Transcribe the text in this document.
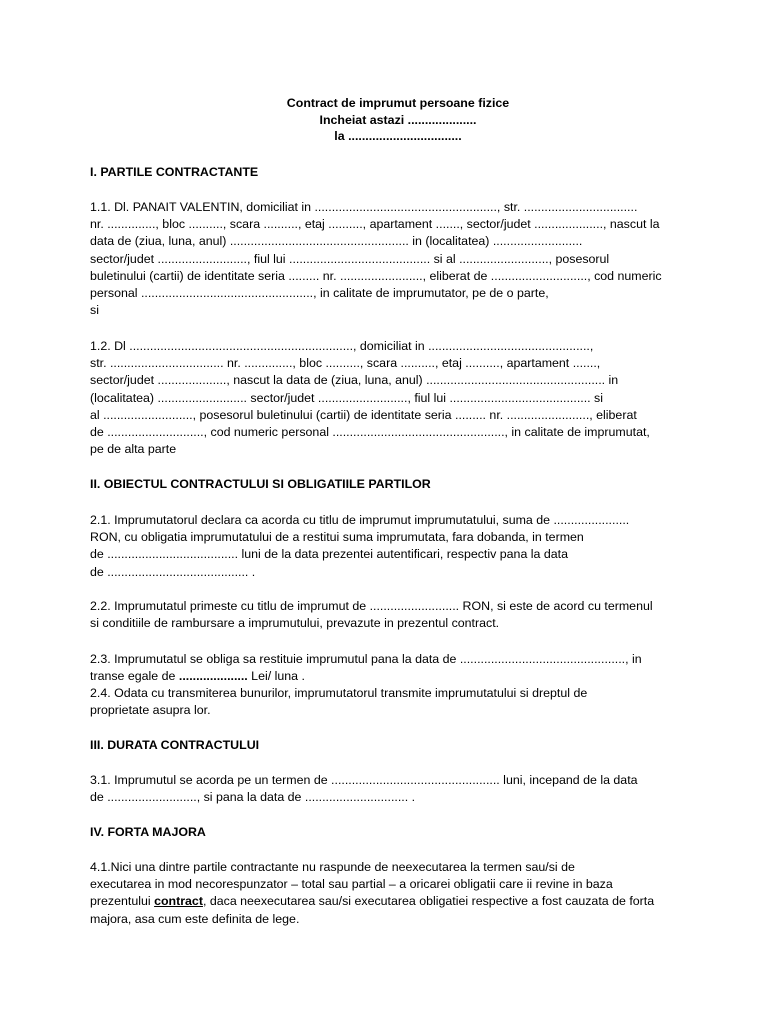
Contract de imprumut persoane fizice
Incheiat astazi ....................
la .................................
I. PARTILE CONTRACTANTE
1.1. Dl. PANAIT VALENTIN, domiciliat in ....................................................., str. .................................
nr. .............., bloc .........., scara .........., etaj .........., apartament ......., sector/judet ...................., nascut la
data de (ziua, luna, anul) .................................................... in (localitatea) ..........................
sector/judet .........................., fiul lui ......................................... si al .........................., posesorul
buletinului (cartii) de identitate seria ......... nr. ........................, eliberat de ............................, cod numeric
personal .................................................., in calitate de imprumutator, pe de o parte,
si
1.2. Dl ................................................................., domiciliat in ...............................................,
str. ................................. nr. .............., bloc .........., scara .........., etaj .........., apartament .......,
sector/judet ...................., nascut la data de (ziua, luna, anul) .................................................... in
(localitatea) .......................... sector/judet .........................., fiul lui ......................................... si
al .........................., posesorul buletinului (cartii) de identitate seria ......... nr. ........................, eliberat
de ............................, cod numeric personal .................................................., in calitate de imprumutat,
pe de alta parte
II. OBIECTUL CONTRACTULUI SI OBLIGATIILE PARTILOR
2.1. Imprumutatorul declara ca acorda cu titlu de imprumut imprumutatului, suma de ......................
RON, cu obligatia imprumutatului de a restitui suma imprumutata, fara dobanda, in termen
de ...................................... luni de la data prezentei autentificari, respectiv pana la data
de ......................................... .
2.2. Imprumutatul primeste cu titlu de imprumut de .......................... RON, si este de acord cu termenul
si conditiile de rambursare a imprumutului, prevazute in prezentul contract.
2.3. Imprumutatul se obliga sa restituie imprumutul pana la data de ................................................, in
transe egale de .................... Lei/ luna .
2.4. Odata cu transmiterea bunurilor, imprumutatorul transmite imprumutatului si dreptul de
proprietate asupra lor.
III. DURATA CONTRACTULUI
3.1. Imprumutul se acorda pe un termen de ................................................. luni, incepand de la data
de .........................., si pana la data de .............................. .
IV. FORTA MAJORA
4.1.Nici una dintre partile contractante nu raspunde de neexecutarea la termen sau/si de
executarea in mod necorespunzator – total sau partial – a oricarei obligatii care ii revine in baza
prezentului contract, daca neexecutarea sau/si executarea obligatiei respective a fost cauzata de forta
majora, asa cum este definita de lege.
